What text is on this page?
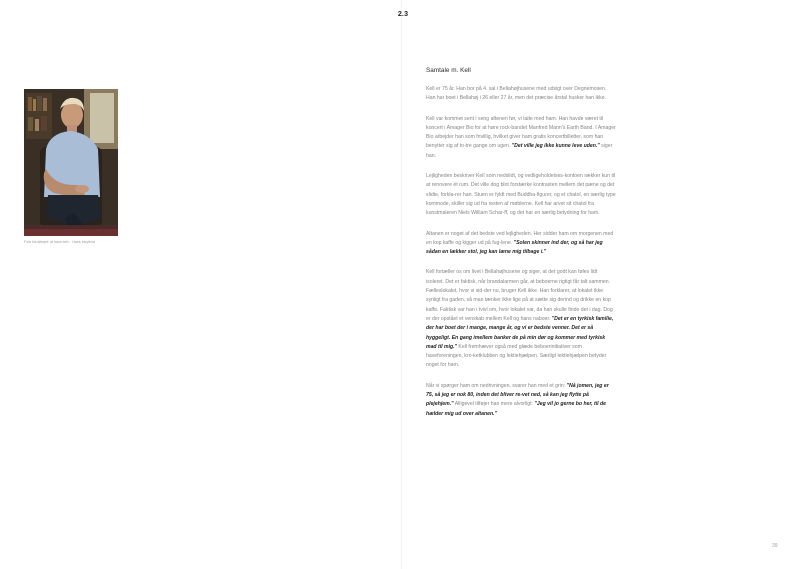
2.3
Foto fra albejet: af hans selv · Hans lokylend
Samtale m. Kell

Kell er 75 år. Han bor på 4. sal i Bellahøjhusene med udsigt over Degnemosen. Han har boet i Bellahøj i 26 eller 27 år, men det præcise årstal husker han ikke.

Kell var kommet sent i seng aftenen før, vi talte med ham. Han havde været til koncert i Amager Bio for at høre rock-bandet Manfred Mann's Earth Band. I Amager Bio arbejder han som frivillig, hvilket giver ham gratis koncertbilletter, som han benytter sig af to-tre gange om ugen. "Det ville jeg ikke kunne leve uden." siger han.

Lejligheden beskriver Kell som nedslidt, og vedligeholdelses-kontoen rækker kun til at renovere ét rum. Det ville dog blot forstærke kontrasten mellem det pæne og det slidte, forkla-rer han. Stuen er fyldt med Buddha-figurer, og et chatol, en særlig type kommode, skiller sig ud fra resten af møblerne. Kell har arvet sit chatol fra kunstmaleren Niels William Schar-ff, og det har en særlig betydning for ham.

Altanen er noget af det bedste ved lejligheden. Her sidder ham om morgenen med en kop kaffe og kigger ud på fug-lene. "Solen skinner ind der, og så har jeg sådan en lækker stol, jeg kan læne mig tilbage i."

Kell fortæller os om livet i Bellahøjhusene og siger, at det godt kan føles lidt isoleret. Det er faktisk, når brandalarmen går, at beboerne rigtigt får talt sammen. Fælleslokalet, hvor vi sid-der nu, bruger Kell ikke. Han forklarer, at lokalet ikke synligt fra gaden, så man tænker ikke lige på at sætte sig derind og drikke en kop kaffe. Faktisk var han i tvivl om, hvor lokalet var, da han skulle finde det i dag. Dog er der opstået et venskab mellem Kell og hans naboer. "Det er en tyrkisk familie, der har boet der i mange, mange år, og vi er bedste venner. Det er så hyggeligt. En gang imellem banker de på min dør og kommer med tyrkisk mad til mig." Kell fremhæver også med glæde beboerinitiativer som haveforeningen, kro-ketklubben og lektiehjælpen. Særligt lektiehjælpen betyder noget for ham.

Når vi spørger ham om nedrivningen, svarer han med et grin: "Nå jomen, jeg er 75, så jeg er nok 80, inden det bliver re-vet ned, så kan jeg flytte på plejehjem." Alligevel tilføjer han mere alvorligt: "Jeg vil jo gerne bo her, til de hælder mig ud over altanen."

39
